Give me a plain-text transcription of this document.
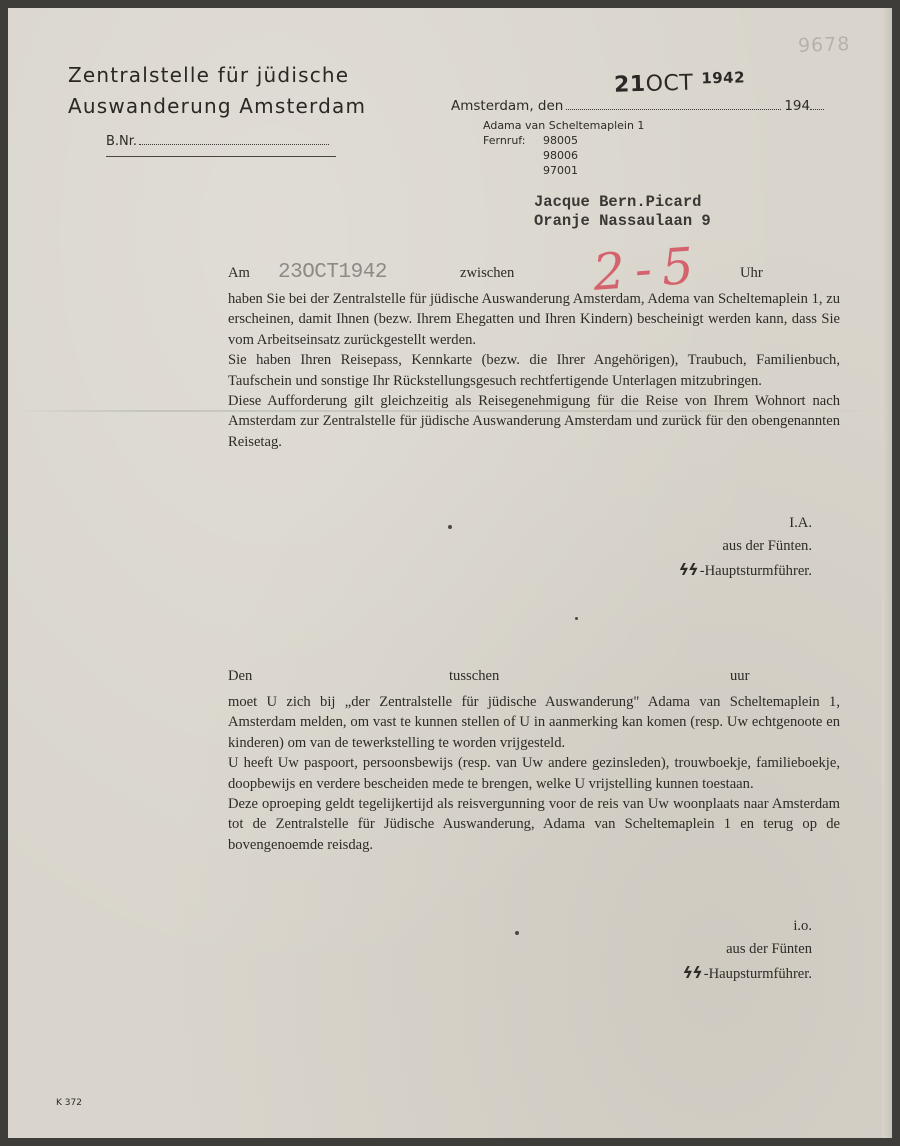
9678
Zentralstelle für jüdische
Auswanderung Amsterdam
B.Nr.
Amsterdam, den	194
21OCT $^{1942}$
Adama van Scheltemaplein 1
Fernruf: 98005
98006
97001
Jacque Bern.Picard
Oranje Nassaulaan 9
Am 23OCT1942	zwischen 2-5 Uhr

haben Sie bei der Zentralstelle für jüdische Auswanderung Amsterdam, Adema van Scheltemaplein 1, zu erscheinen, damit Ihnen (bezw. Ihrem Ehegatten und Ihren Kindern) bescheinigt werden kann, dass Sie vom Arbeitseinsatz zurückgestellt werden.

Sie haben Ihren Reisepass, Kennkarte (bezw. die Ihrer Angehörigen), Traubuch, Familienbuch, Taufschein und sonstige Ihr Rückstellungsgesuch rechtfertigende Unterlagen mitzubringen.

Diese Aufforderung gilt gleichzeitig als Reisegenehmigung für die Reise von Ihrem Wohnort nach Amsterdam zur Zentralstelle für jüdische Auswanderung Amsterdam und zurück für den obengenannten Reisetag.

I.A.
aus der Fünten.
ϟϟ -Hauptsturmführer.
Den	tusschen	uur

moet U zich bij „der Zentralstelle für jüdische Auswanderung" Adama van Scheltemaplein 1, Amsterdam melden, om vast te kunnen stellen of U in aanmerking kan komen (resp. Uw echtgenoote en kinderen) om van de tewerkstelling te worden vrijgesteld.

U heeft Uw paspoort, persoonsbewijs (resp. van Uw andere gezinsleden), trouwboekje, familieboekje, doopbewijs en verdere bescheiden mede te brengen, welke U vrijstelling kunnen toestaan.

Deze oproeping geldt tegelijkertijd als reisvergunning voor de reis van Uw woonplaats naar Amsterdam tot de Zentralstelle für Jüdische Auswanderung, Adama van Scheltemaplein 1 en terug op de bovengenoemde reisdag.

i.o.
aus der Fünten
ϟϟ -Haupsturmführer.
K 372
